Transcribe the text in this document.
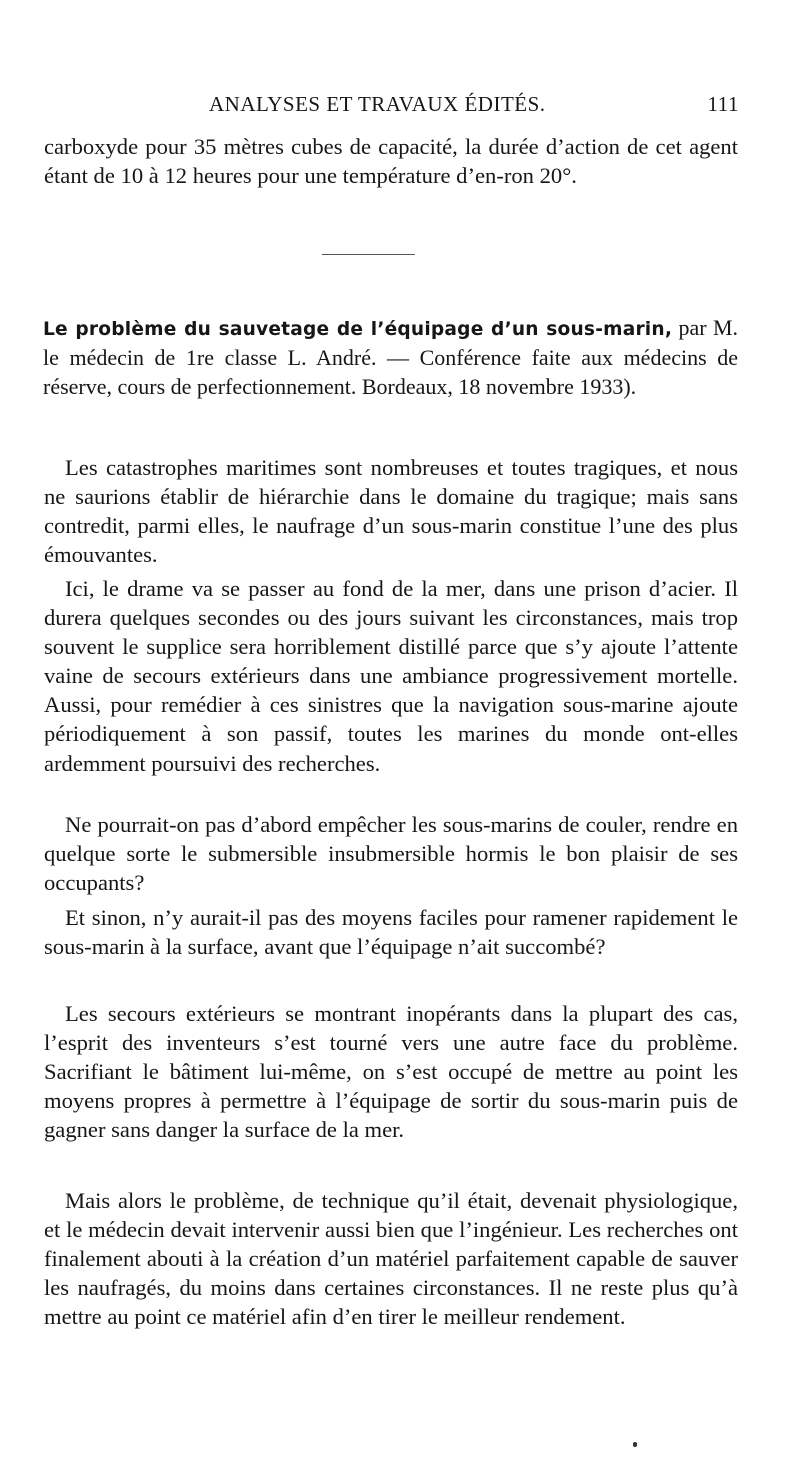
ANALYSES ET TRAVAUX ÉDITÉS.	111

carboxyde pour 35 mètres cubes de capacité, la durée d’action de cet agent étant de 10 à 12 heures pour une température d’en-ron 20°.

Le problème du sauvetage de l’équipage d’un sous-marin, par M. le médecin de 1re classe L. André. — Conférence faite aux médecins de réserve, cours de perfectionnement. Bordeaux, 18 novembre 1933).

Les catastrophes maritimes sont nombreuses et toutes tragiques, et nous ne saurions établir de hiérarchie dans le domaine du tragique; mais sans contredit, parmi elles, le naufrage d’un sous-marin constitue l’une des plus émouvantes.

Ici, le drame va se passer au fond de la mer, dans une prison d’acier. Il durera quelques secondes ou des jours suivant les circonstances, mais trop souvent le supplice sera horriblement distillé parce que s’y ajoute l’attente vaine de secours extérieurs dans une ambiance progressivement mortelle. Aussi, pour remédier à ces sinistres que la navigation sous-marine ajoute périodiquement à son passif, toutes les marines du monde ont-elles ardemment poursuivi des recherches.

Ne pourrait-on pas d’abord empêcher les sous-marins de couler, rendre en quelque sorte le submersible insubmersible hormis le bon plaisir de ses occupants?

Et sinon, n’y aurait-il pas des moyens faciles pour ramener rapidement le sous-marin à la surface, avant que l’équipage n’ait succombé?

Les secours extérieurs se montrant inopérants dans la plupart des cas, l’esprit des inventeurs s’est tourné vers une autre face du problème. Sacrifiant le bâtiment lui-même, on s’est occupé de mettre au point les moyens propres à permettre à l’équipage de sortir du sous-marin puis de gagner sans danger la surface de la mer.

Mais alors le problème, de technique qu’il était, devenait physiologique, et le médecin devait intervenir aussi bien que l’ingénieur. Les recherches ont finalement abouti à la création d’un matériel parfaitement capable de sauver les naufragés, du moins dans certaines circonstances. Il ne reste plus qu’à mettre au point ce matériel afin d’en tirer le meilleur rendement.
